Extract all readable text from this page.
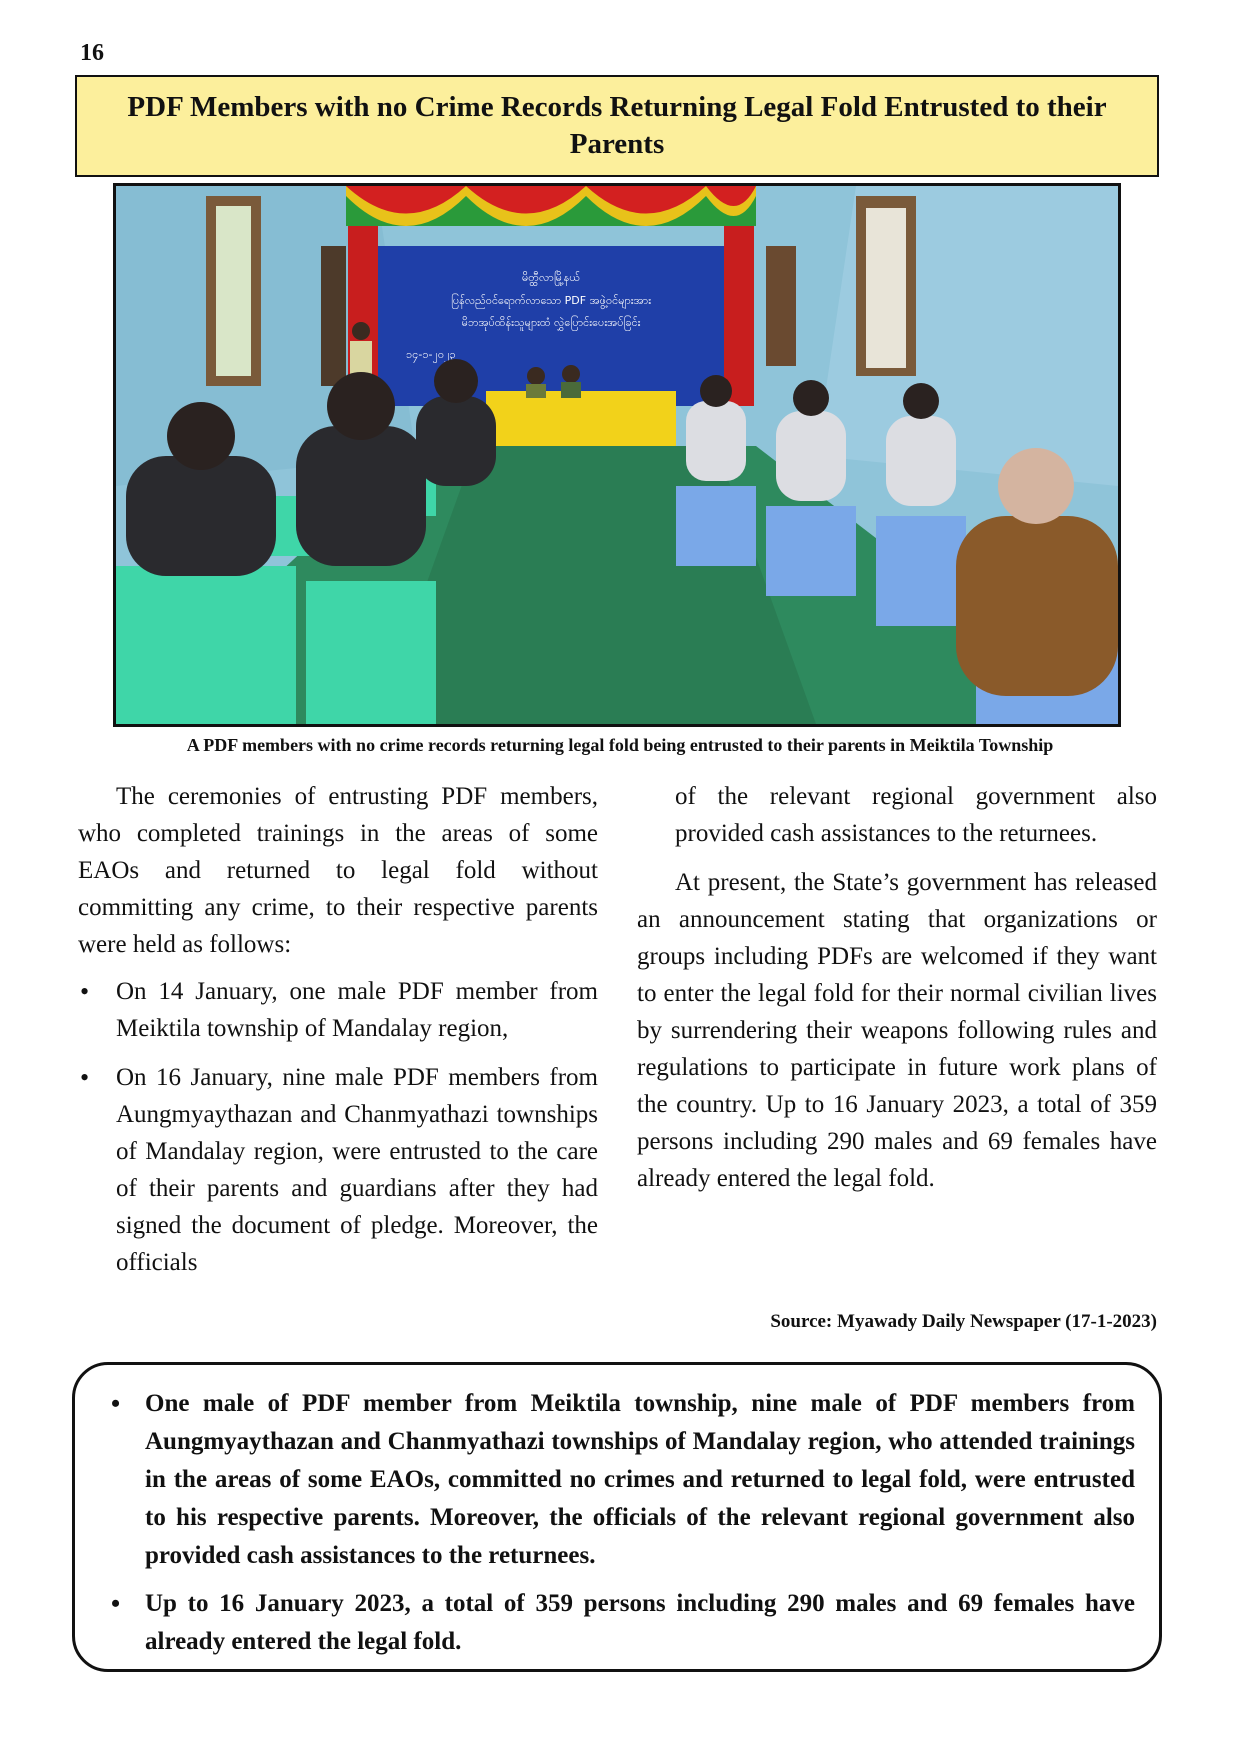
16
PDF Members with no Crime Records Returning Legal Fold Entrusted to their Parents
မိတ္ထီလာမြို့နယ်
ပြန်လည်ဝင်ရောက်လာသော PDF အဖွဲ့ဝင်များအား
မိဘအုပ်ထိန်းသူများထံ လွှဲပြောင်းပေးအပ်ခြင်း
၁၄-၁-၂၀၂၃
A PDF members with no crime records returning legal fold being entrusted to their parents in Meiktila Township

The ceremonies of entrusting PDF members, who completed trainings in the areas of some EAOs and returned to legal fold without committing any crime, to their respective parents were held as follows:

• On 14 January, one male PDF member from Meiktila township of Mandalay region,
• On 16 January, nine male PDF members from Aungmyaythazan and Chanmyathazi townships of Mandalay region, were entrusted to the care of their parents and guardians after they had signed the document of pledge. Moreover, the officials

of the relevant regional government also provided cash assistances to the returnees.

At present, the State’s government has released an announcement stating that organizations or groups including PDFs are welcomed if they want to enter the legal fold for their normal civilian lives by surrendering their weapons following rules and regulations to participate in future work plans of the country. Up to 16 January 2023, a total of 359 persons including 290 males and 69 females have already entered the legal fold.

Source: Myawady Daily Newspaper (17-1-2023)
• One male of PDF member from Meiktila township, nine male of PDF members from Aungmyaythazan and Chanmyathazi townships of Mandalay region, who attended trainings in the areas of some EAOs, committed no crimes and returned to legal fold, were entrusted to his respective parents. Moreover, the officials of the relevant regional government also provided cash assistances to the returnees.
• Up to 16 January 2023, a total of 359 persons including 290 males and 69 females have already entered the legal fold.
